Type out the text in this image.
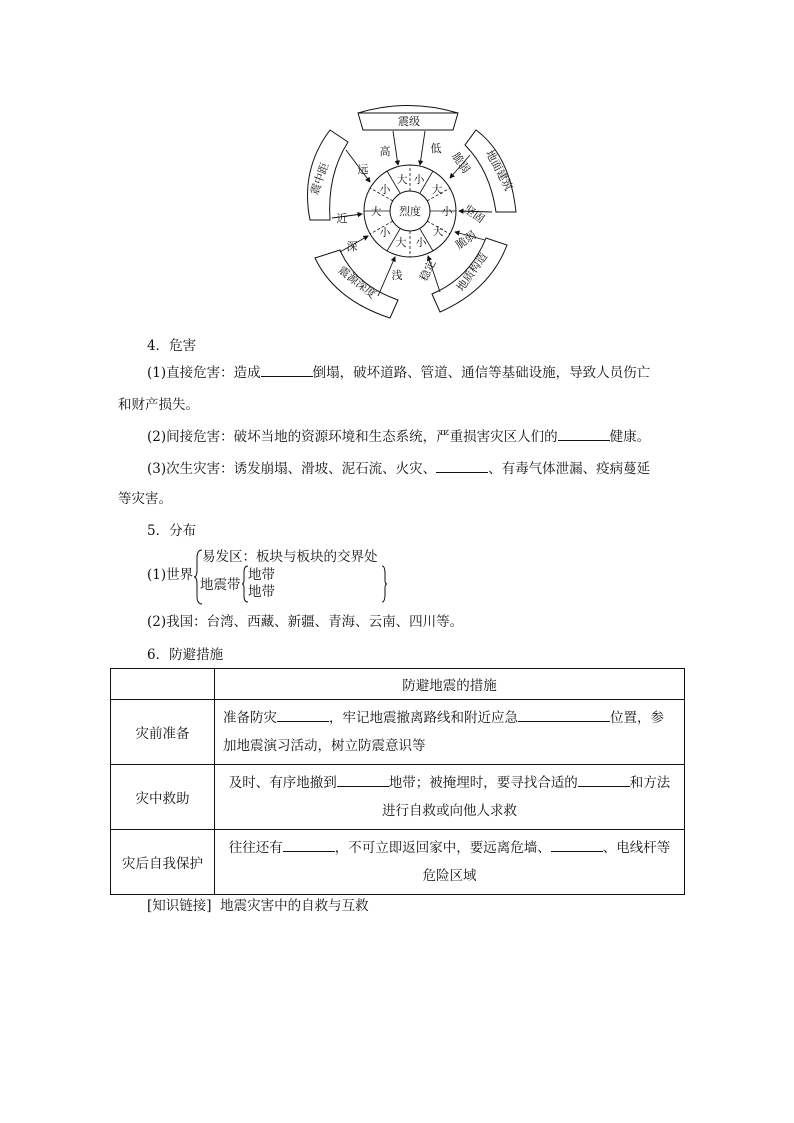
大 小
大
小
大
小
大
小
大
小
烈度
震级
地面建筑
地质构造
震源深度
震中距
高	低
脆弱
坚固
脆弱
稳定
浅
深
近
远
4．危害
(1)直接危害：造成	倒塌，破坏道路、管道、通信等基础设施，导致人员伤亡
和财产损失。
(2)间接危害：破坏当地的资源环境和生态系统，严重损害灾区人们的	健康。
(3)次生灾害：诱发崩塌、滑坡、泥石流、火灾、	、有毒气体泄漏、疫病蔓延
等灾害。
5．分布
(1)世界
易发区：板块与板块的交界处
地震带
地带
地带
(2)我国：台湾、西藏、新疆、青海、云南、四川等。
6．防避措施
	防避地震的措施
灾前准备	准备防灾 ，牢记地震撤离路线和附近应急 位置，参
加地震演习活动，树立防震意识等
灾中救助	及时、有序地撤到 地带；被掩埋时，要寻找合适的 和方法
进行自救或向他人求救
灾后自我保护	往往还有 ，不可立即返回家中，要远离危墙、 、电线杆等
危险区域
[知识链接] 地震灾害中的自救与互救
